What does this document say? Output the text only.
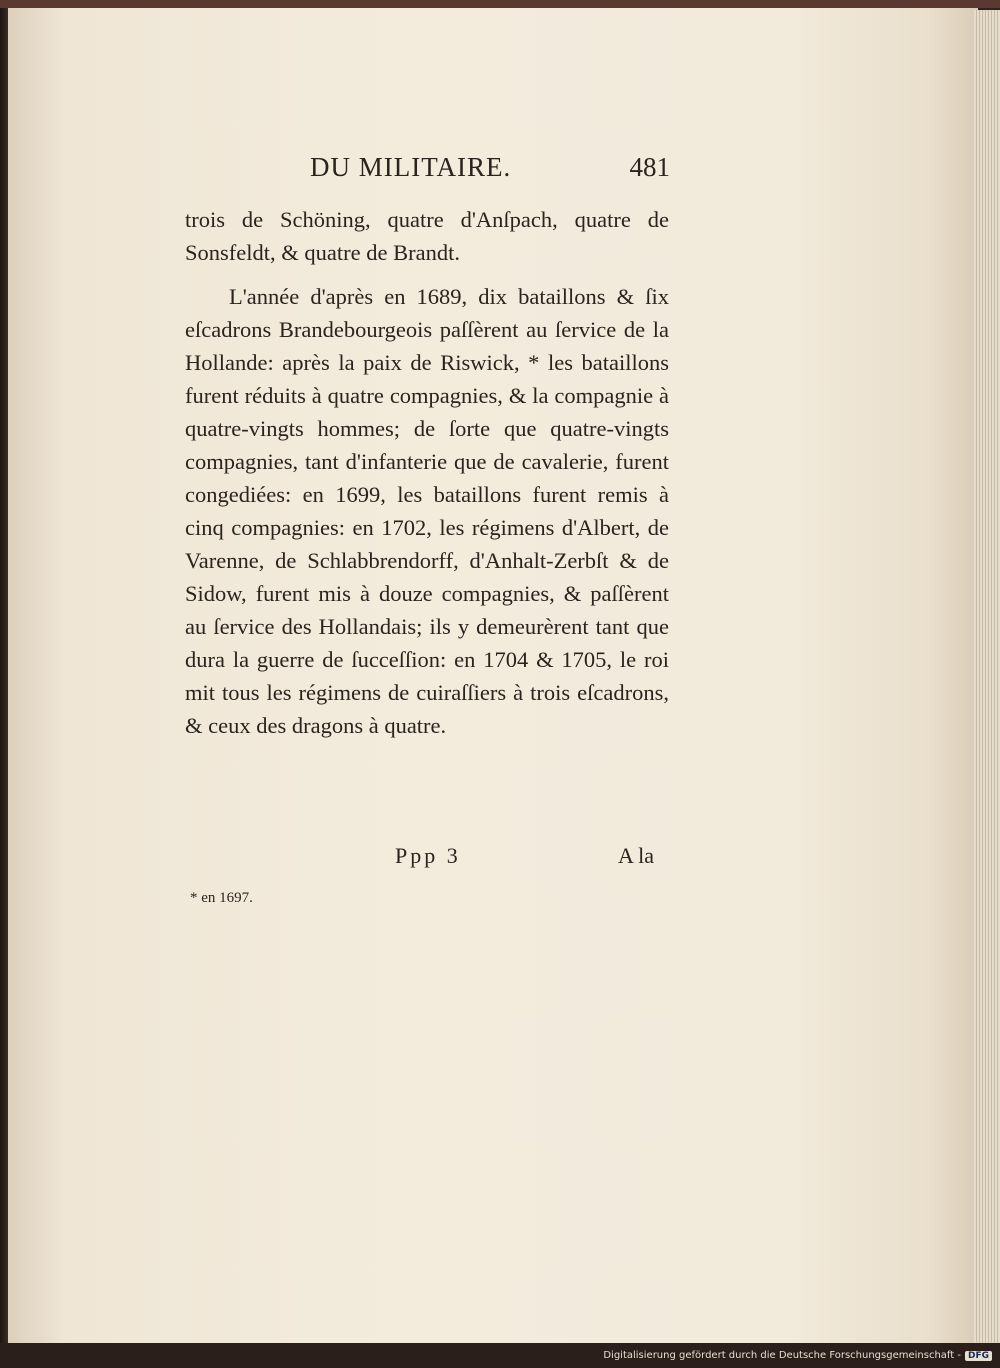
DU MILITAIRE.	481

trois de Schöning, quatre d'Anſpach, quatre de Sonsfeldt, & quatre de Brandt.

L'année d'après en 1689, dix bataillons & ſix eſcadrons Brandebourgeois paſſèrent au ſervice de la Hollande: après la paix de Riswick, * les bataillons furent réduits à quatre compagnies, & la compagnie à quatre-vingts hommes; de ſorte que quatre-vingts compagnies, tant d'infanterie que de cavalerie, furent congediées: en 1699, les bataillons furent remis à cinq compagnies: en 1702, les régimens d'Albert, de Varenne, de Schlabbrendorff, d'Anhalt-Zerbſt & de Sidow, furent mis à douze compagnies, & paſſèrent au ſervice des Hollandais; ils y demeurèrent tant que dura la guerre de ſucceſſion: en 1704 & 1705, le roi mit tous les régimens de cuiraſſiers à trois eſcadrons, & ceux des dragons à quatre.

Ppp 3	A la
* en 1697.
Digitalisierung gefördert durch die Deutsche Forschungsgemeinschaft - DFG
